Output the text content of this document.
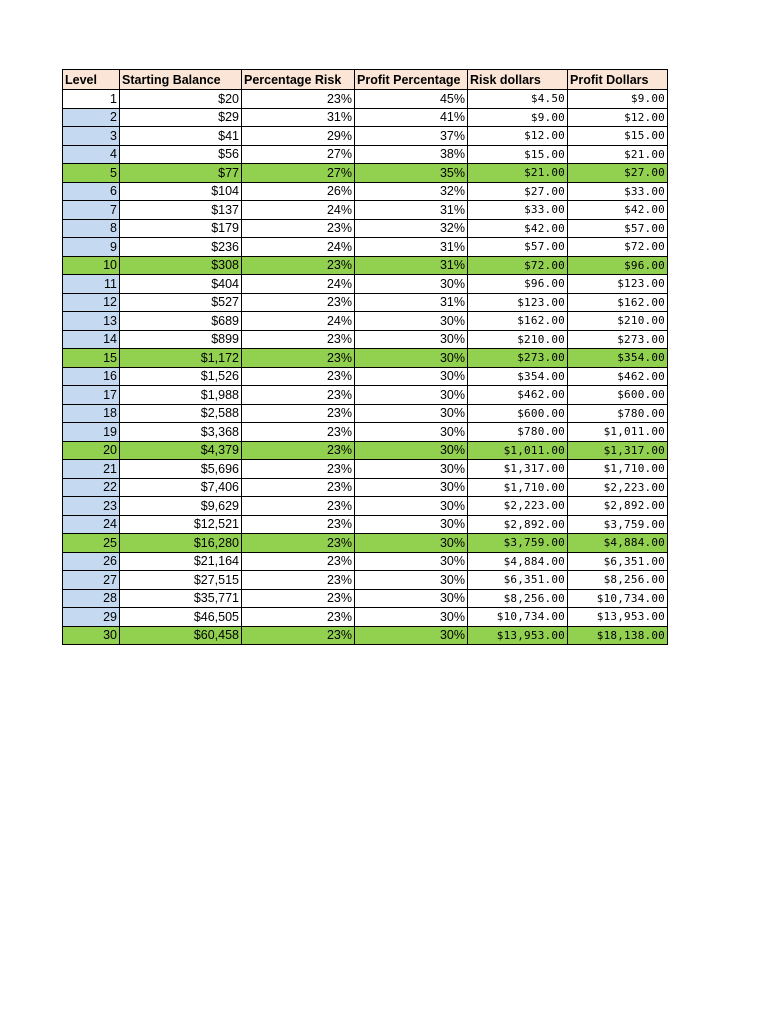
Level	Starting Balance	Percentage Risk	Profit Percentage	Risk dollars	Profit Dollars
1	$20	23%	45%	$4.50	$9.00
2	$29	31%	41%	$9.00	$12.00
3	$41	29%	37%	$12.00	$15.00
4	$56	27%	38%	$15.00	$21.00
5	$77	27%	35%	$21.00	$27.00
6	$104	26%	32%	$27.00	$33.00
7	$137	24%	31%	$33.00	$42.00
8	$179	23%	32%	$42.00	$57.00
9	$236	24%	31%	$57.00	$72.00
10	$308	23%	31%	$72.00	$96.00
11	$404	24%	30%	$96.00	$123.00
12	$527	23%	31%	$123.00	$162.00
13	$689	24%	30%	$162.00	$210.00
14	$899	23%	30%	$210.00	$273.00
15	$1,172	23%	30%	$273.00	$354.00
16	$1,526	23%	30%	$354.00	$462.00
17	$1,988	23%	30%	$462.00	$600.00
18	$2,588	23%	30%	$600.00	$780.00
19	$3,368	23%	30%	$780.00	$1,011.00
20	$4,379	23%	30%	$1,011.00	$1,317.00
21	$5,696	23%	30%	$1,317.00	$1,710.00
22	$7,406	23%	30%	$1,710.00	$2,223.00
23	$9,629	23%	30%	$2,223.00	$2,892.00
24	$12,521	23%	30%	$2,892.00	$3,759.00
25	$16,280	23%	30%	$3,759.00	$4,884.00
26	$21,164	23%	30%	$4,884.00	$6,351.00
27	$27,515	23%	30%	$6,351.00	$8,256.00
28	$35,771	23%	30%	$8,256.00	$10,734.00
29	$46,505	23%	30%	$10,734.00	$13,953.00
30	$60,458	23%	30%	$13,953.00	$18,138.00
